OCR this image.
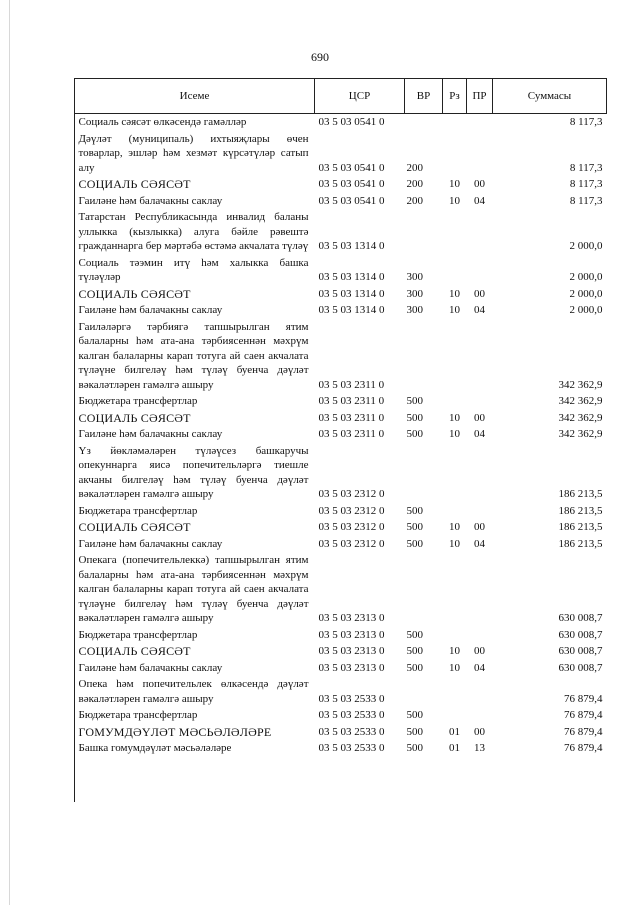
690
Исеме	ЦСР	ВР	Рз	ПР	Суммасы
Социаль сәясәт өлкәсендә гамәлләр	03 5 03 0541 0				8 117,3
Дәүләт (муниципаль) ихтыяҗлары өчен товарлар, эшләр һәм хезмәт күрсәтүләр сатып алу	03 5 03 0541 0	200			8 117,3
СОЦИАЛЬ СӘЯСӘТ	03 5 03 0541 0	200	10	00	8 117,3
Гаиләне һәм балачакны саклау	03 5 03 0541 0	200	10	04	8 117,3
Татарстан Республикасында инвалид баланы уллыкка (кызлыкка) алуга бәйле рәвештә гражданнарга бер мәртәбә өстәмә акчалата түләү	03 5 03 1314 0				2 000,0
Социаль тәэмин итү һәм халыкка башка түләүләр	03 5 03 1314 0	300			2 000,0
СОЦИАЛЬ СӘЯСӘТ	03 5 03 1314 0	300	10	00	2 000,0
Гаиләне һәм балачакны саклау	03 5 03 1314 0	300	10	04	2 000,0
Гаиләләргә тәрбиягә тапшырылган ятим балаларны һәм ата-ана тәрбиясеннән мәхрүм калган балаларны карап тотуга ай саен акчалата түләүне билгеләү һәм түләү буенча дәүләт вәкаләтләрен гамәлгә ашыру	03 5 03 2311 0				342 362,9
Бюджетара трансфертлар	03 5 03 2311 0	500			342 362,9
СОЦИАЛЬ СӘЯСӘТ	03 5 03 2311 0	500	10	00	342 362,9
Гаиләне һәм балачакны саклау	03 5 03 2311 0	500	10	04	342 362,9
Үз йөкләмәләрен түләүсез башкаручы опекуннарга яисә попечительләргә тиешле акчаны билгеләү һәм түләү буенча дәүләт вәкаләтләрен гамәлгә ашыру	03 5 03 2312 0				186 213,5
Бюджетара трансфертлар	03 5 03 2312 0	500			186 213,5
СОЦИАЛЬ СӘЯСӘТ	03 5 03 2312 0	500	10	00	186 213,5
Гаиләне һәм балачакны саклау	03 5 03 2312 0	500	10	04	186 213,5
Опекага (попечительлеккә) тапшырылган ятим балаларны һәм ата-ана тәрбиясеннән мәхрүм калган балаларны карап тотуга ай саен акчалата түләүне билгеләү һәм түләү буенча дәүләт вәкаләтләрен гамәлгә ашыру	03 5 03 2313 0				630 008,7
Бюджетара трансфертлар	03 5 03 2313 0	500			630 008,7
СОЦИАЛЬ СӘЯСӘТ	03 5 03 2313 0	500	10	00	630 008,7
Гаиләне һәм балачакны саклау	03 5 03 2313 0	500	10	04	630 008,7
Опека һәм попечительлек өлкәсендә дәүләт вәкаләтләрен гамәлгә ашыру	03 5 03 2533 0				76 879,4
Бюджетара трансфертлар	03 5 03 2533 0	500			76 879,4
ГОМУМДӘҮЛӘТ МӘСЬӘЛӘЛӘРЕ	03 5 03 2533 0	500	01	00	76 879,4
Башка гомумдәүләт мәсьәләләре	03 5 03 2533 0	500	01	13	76 879,4
